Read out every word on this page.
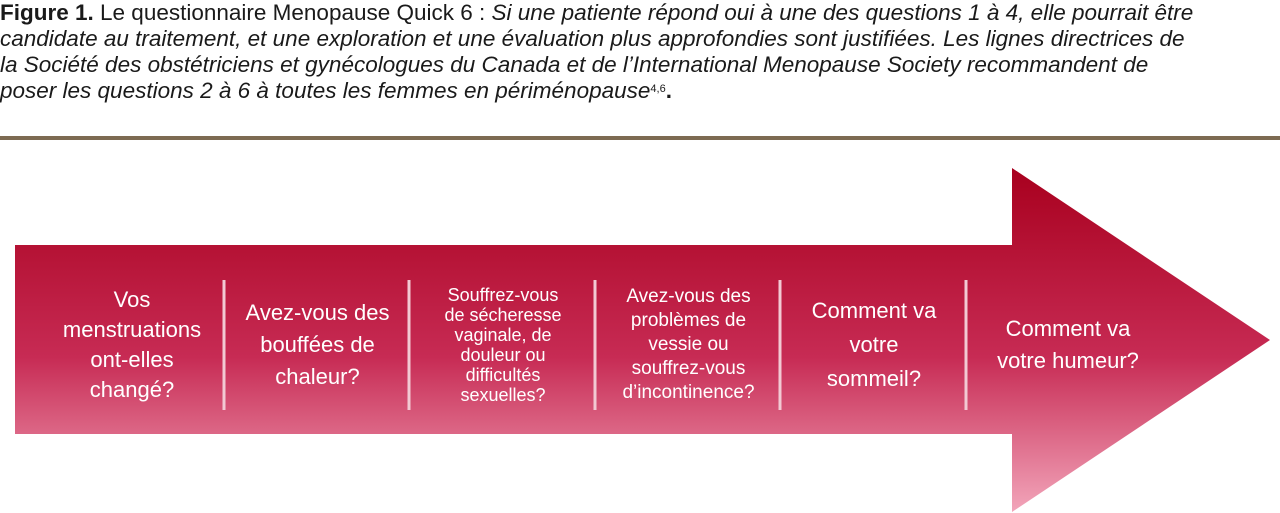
Figure 1. Le questionnaire Menopause Quick 6 : Si une patiente répond oui à une des questions 1 à 4, elle pourrait être
candidate au traitement, et une exploration et une évaluation plus approfondies sont justifiées. Les lignes directrices de
la Société des obstétriciens et gynécologues du Canada et de l’International Menopause Society recommandent de
poser les questions 2 à 6 à toutes les femmes en périménopause$^{4,6}$.
Vos
menstruations
ont-elles
changé?
Avez-vous des
bouffées de
chaleur?
Souffrez-vous
de sécheresse
vaginale, de
douleur ou
difficultés
sexuelles?
Avez-vous des
problèmes de
vessie ou
souffrez-vous
d’incontinence?
Comment va
votre
sommeil?
Comment va
votre humeur?
